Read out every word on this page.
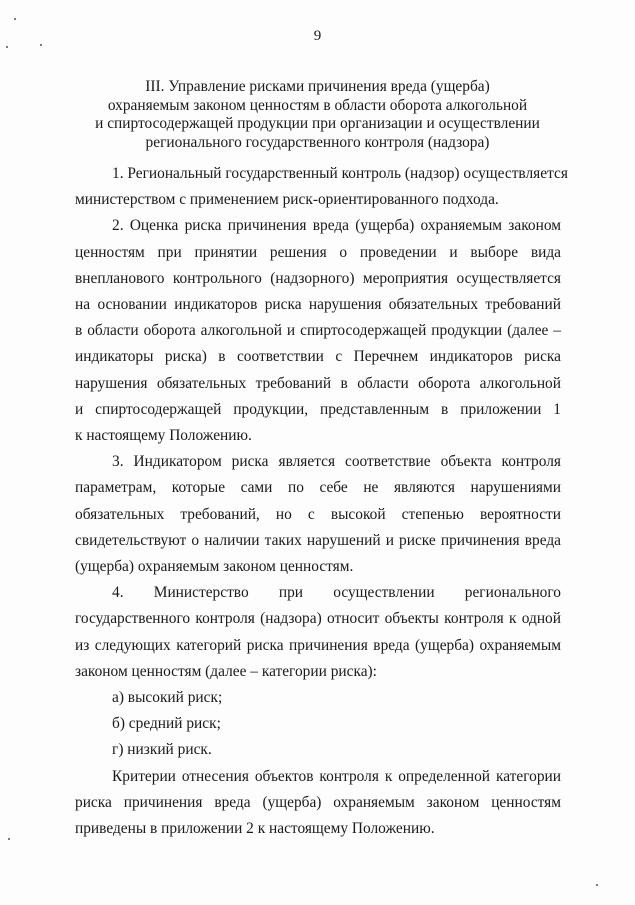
9
III. Управление рисками причинения вреда (ущерба)
охраняемым законом ценностям в области оборота алкогольной
и спиртосодержащей продукции при организации и осуществлении
регионального государственного контроля (надзора)
1. Региональный государственный контроль (надзор) осуществляется
министерством с применением риск-ориентированного подхода.
2. Оценка риска причинения вреда (ущерба) охраняемым законом
ценностям при принятии решения о проведении и выборе вида
внепланового контрольного (надзорного) мероприятия осуществляется
на основании индикаторов риска нарушения обязательных требований
в области оборота алкогольной и спиртосодержащей продукции (далее –
индикаторы риска) в соответствии с Перечнем индикаторов риска
нарушения обязательных требований в области оборота алкогольной
и спиртосодержащей продукции, представленным в приложении 1
к настоящему Положению.
3. Индикатором риска является соответствие объекта контроля
параметрам, которые сами по себе не являются нарушениями
обязательных требований, но с высокой степенью вероятности
свидетельствуют о наличии таких нарушений и риске причинения вреда
(ущерба) охраняемым законом ценностям.
4. Министерство при осуществлении регионального
государственного контроля (надзора) относит объекты контроля к одной
из следующих категорий риска причинения вреда (ущерба) охраняемым
законом ценностям (далее – категории риска):
а) высокий риск;
б) средний риск;
г) низкий риск.
Критерии отнесения объектов контроля к определенной категории
риска причинения вреда (ущерба) охраняемым законом ценностям
приведены в приложении 2 к настоящему Положению.
